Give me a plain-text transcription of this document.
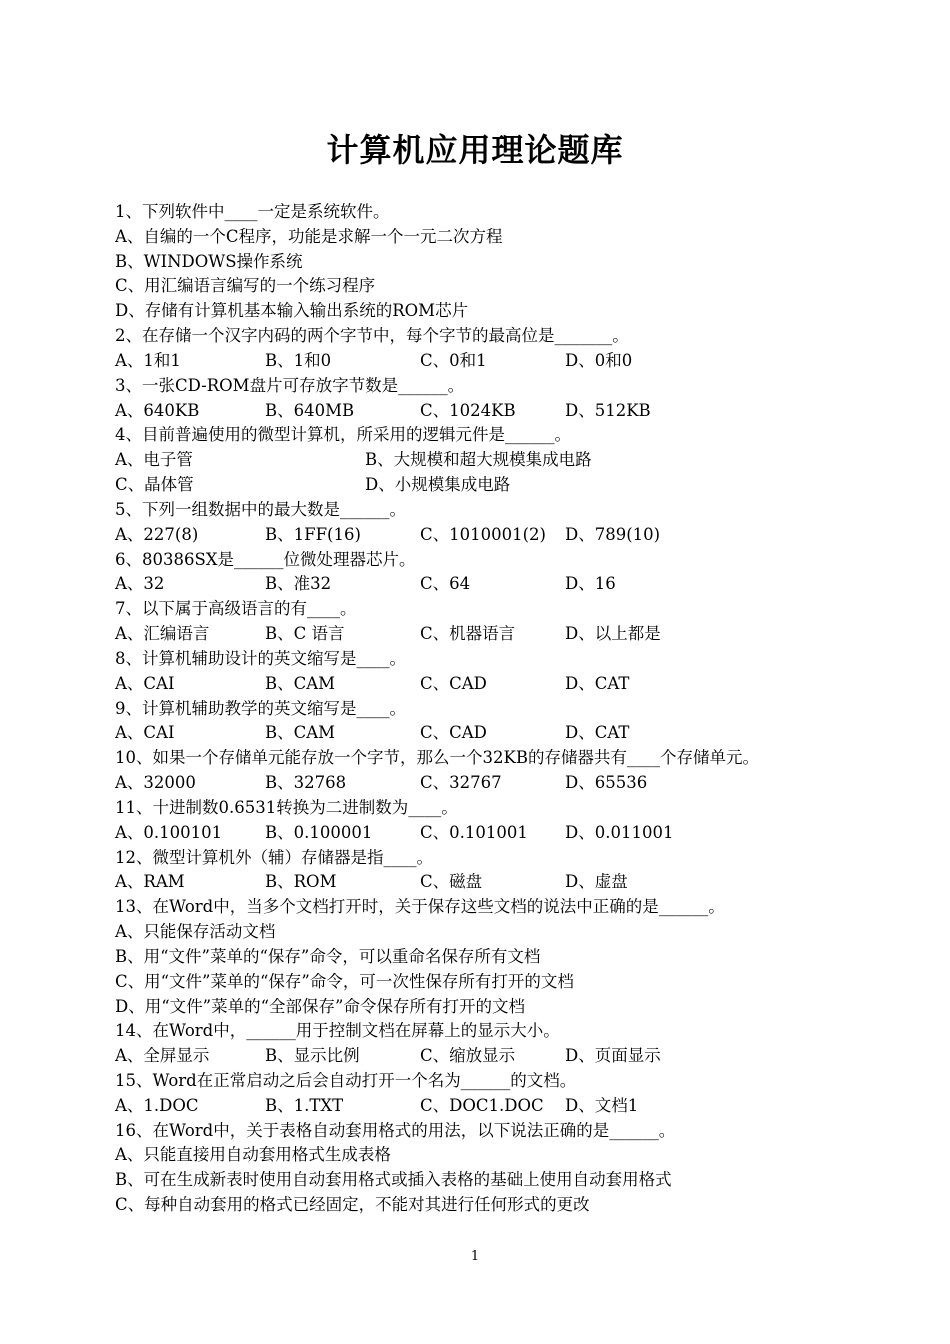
计算机应用理论题库
1、下列软件中____一定是系统软件。
A、自编的一个C程序，功能是求解一个一元二次方程
B、WINDOWS操作系统
C、用汇编语言编写的一个练习程序
D、存储有计算机基本输入输出系统的ROM芯片
2、在存储一个汉字内码的两个字节中，每个字节的最高位是_______。
A、1和1	B、1和0	C、0和1	D、0和0
3、一张CD-ROM盘片可存放字节数是______。
A、640KB	B、640MB	C、1024KB	D、512KB
4、目前普遍使用的微型计算机，所采用的逻辑元件是______。
A、电子管	B、大规模和超大规模集成电路
C、晶体管	D、小规模集成电路
5、下列一组数据中的最大数是______。
A、227(8)	B、1FF(16)	C、1010001(2)	D、789(10)
6、80386SX是______位微处理器芯片。
A、32	B、准32	C、64	D、16
7、以下属于高级语言的有____。
A、汇编语言	B、C 语言	C、机器语言	D、以上都是
8、计算机辅助设计的英文缩写是____。
A、CAI	B、CAM	C、CAD	D、CAT
9、计算机辅助教学的英文缩写是____。
A、CAI	B、CAM	C、CAD	D、CAT
10、如果一个存储单元能存放一个字节，那么一个32KB的存储器共有____个存储单元。
A、32000	B、32768	C、32767	D、65536
11、十进制数0.6531转换为二进制数为____。
A、0.100101	B、0.100001	C、0.101001	D、0.011001
12、微型计算机外（辅）存储器是指____。
A、RAM	B、ROM	C、磁盘	D、虚盘
13、在Word中，当多个文档打开时，关于保存这些文档的说法中正确的是______。
A、只能保存活动文档
B、用“文件”菜单的“保存”命令，可以重命名保存所有文档
C、用“文件”菜单的“保存”命令，可一次性保存所有打开的文档
D、用“文件”菜单的“全部保存”命令保存所有打开的文档
14、在Word中，______用于控制文档在屏幕上的显示大小。
A、全屏显示	B、显示比例	C、缩放显示	D、页面显示
15、Word在正常启动之后会自动打开一个名为______的文档。
A、1.DOC	B、1.TXT	C、DOC1.DOC	D、文档1
16、在Word中，关于表格自动套用格式的用法，以下说法正确的是______。
A、只能直接用自动套用格式生成表格
B、可在生成新表时使用自动套用格式或插入表格的基础上使用自动套用格式
C、每种自动套用的格式已经固定，不能对其进行任何形式的更改
1
